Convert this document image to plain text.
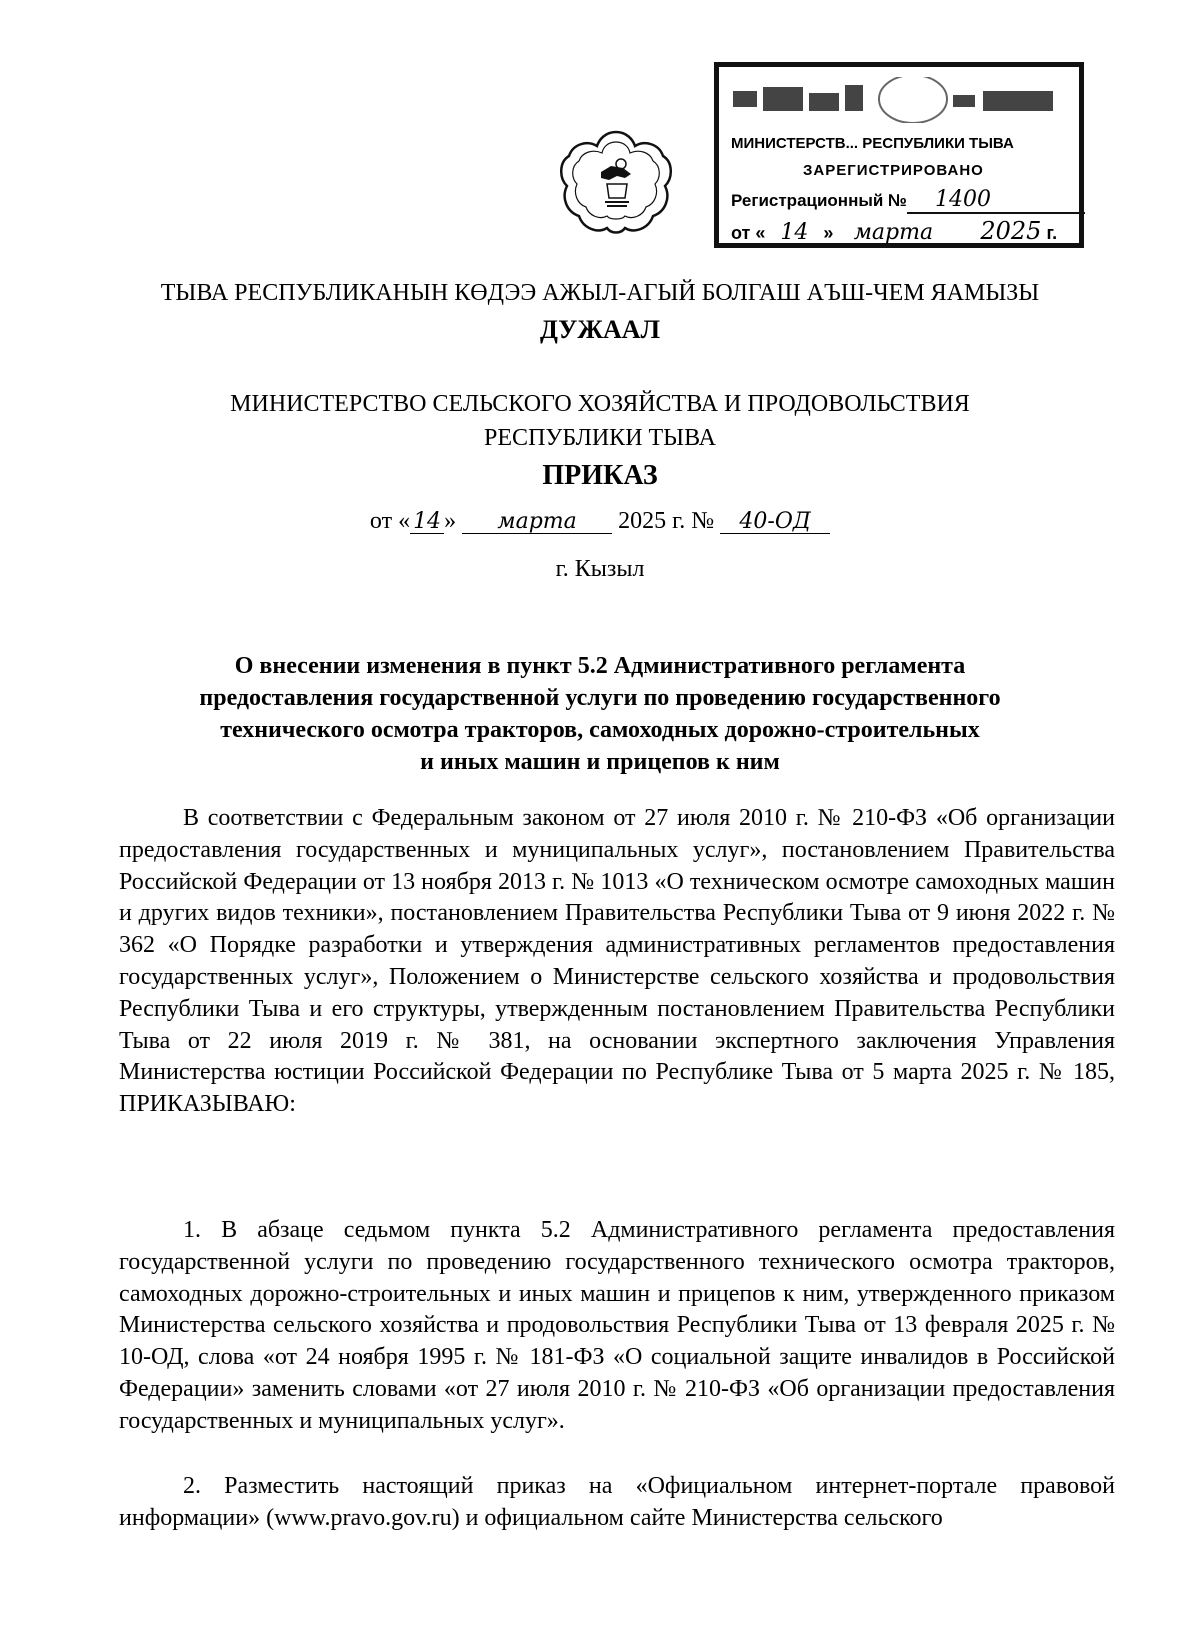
МИНИСТЕРСТВ... РЕСПУБЛИКИ ТЫВА
ЗАРЕГИСТРИРОВАНО
Регистрационный № 1400
от « 14 » марта 2025 г.
ТЫВА РЕСПУБЛИКАНЫН КӨДЭЭ АЖЫЛ-АГЫЙ БОЛГАШ АЪШ-ЧЕМ ЯАМЫЗЫ
ДУЖААЛ
МИНИСТЕРСТВО СЕЛЬСКОГО ХОЗЯЙСТВА И ПРОДОВОЛЬСТВИЯ
РЕСПУБЛИКИ ТЫВА
ПРИКАЗ
от « 14 » марта 2025 г. № 40-ОД
г. Кызыл
О внесении изменения в пункт 5.2 Административного регламента
предоставления государственной услуги по проведению государственного
технического осмотра тракторов, самоходных дорожно-строительных
и иных машин и прицепов к ним

В соответствии с Федеральным законом от 27 июля 2010 г. № 210-ФЗ «Об организации предоставления государственных и муниципальных услуг», постановлением Правительства Российской Федерации от 13 ноября 2013 г. № 1013 «О техническом осмотре самоходных машин и других видов техники», постановлением Правительства Республики Тыва от 9 июня 2022 г. № 362 «О Порядке разработки и утверждения административных регламентов предоставления государственных услуг», Положением о Министерстве сельского хозяйства и продовольствия Республики Тыва и его структуры, утвержденным постановлением Правительства Республики Тыва от 22 июля 2019 г. № 381, на основании экспертного заключения Управления Министерства юстиции Российской Федерации по Республике Тыва от 5 марта 2025 г. № 185, ПРИКАЗЫВАЮ:

1. В абзаце седьмом пункта 5.2 Административного регламента предоставления государственной услуги по проведению государственного технического осмотра тракторов, самоходных дорожно-строительных и иных машин и прицепов к ним, утвержденного приказом Министерства сельского хозяйства и продовольствия Республики Тыва от 13 февраля 2025 г. № 10-ОД, слова «от 24 ноября 1995 г. № 181-ФЗ «О социальной защите инвалидов в Российской Федерации» заменить словами «от 27 июля 2010 г. № 210-ФЗ «Об организации предоставления государственных и муниципальных услуг».

2. Разместить настоящий приказ на «Официальном интернет-портале правовой информации» (www.pravo.gov.ru) и официальном сайте Министерства сельского
